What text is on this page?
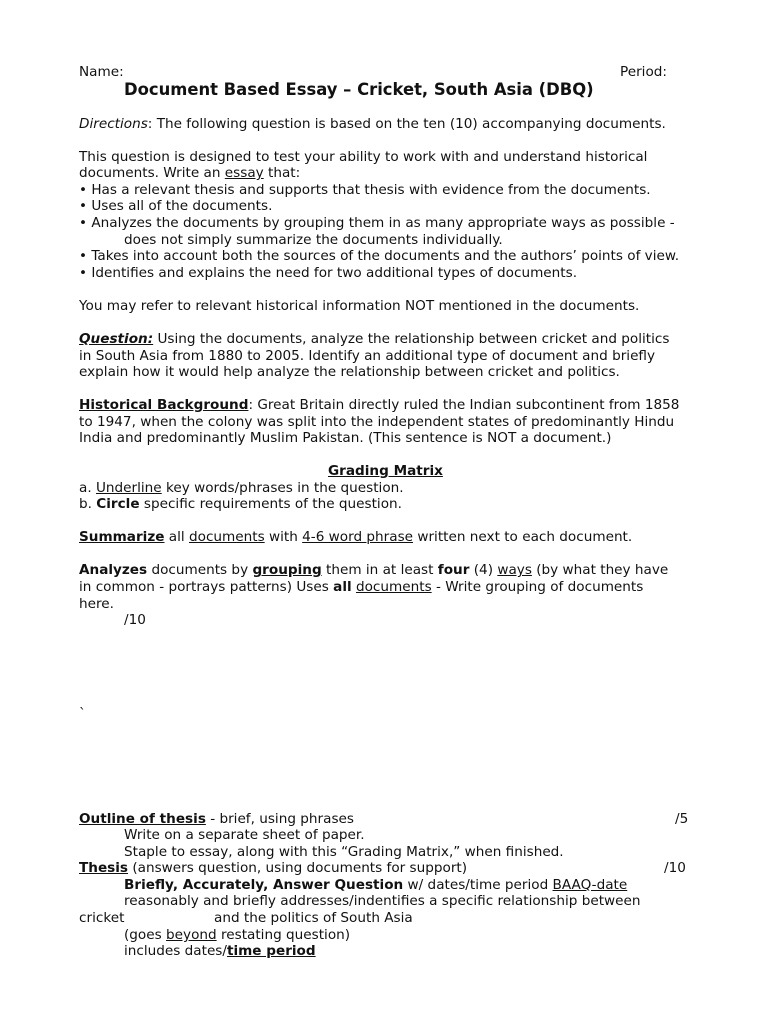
Name:	Period:
Document Based Essay – Cricket, South Asia (DBQ)
Directions: The following question is based on the ten (10) accompanying documents.
This question is designed to test your ability to work with and understand historical
documents. Write an essay that:
• Has a relevant thesis and supports that thesis with evidence from the documents.
• Uses all of the documents.
• Analyzes the documents by grouping them in as many appropriate ways as possible -
does not simply summarize the documents individually.
• Takes into account both the sources of the documents and the authors’ points of view.
• Identifies and explains the need for two additional types of documents.
You may refer to relevant historical information NOT mentioned in the documents.
Question: Using the documents, analyze the relationship between cricket and politics
in South Asia from 1880 to 2005. Identify an additional type of document and briefly
explain how it would help analyze the relationship between cricket and politics.
Historical Background: Great Britain directly ruled the Indian subcontinent from 1858
to 1947, when the colony was split into the independent states of predominantly Hindu
India and predominantly Muslim Pakistan. (This sentence is NOT a document.)
Grading Matrix
a. Underline key words/phrases in the question.
b. Circle specific requirements of the question.
Summarize all documents with 4-6 word phrase written next to each document.
Analyzes documents by grouping them in at least four (4) ways (by what they have
in common - portrays patterns) Uses all documents - Write grouping of documents
here.
/10
`
Outline of thesis - brief, using phrases	/5
Write on a separate sheet of paper.
Staple to essay, along with this “Grading Matrix,” when finished.
Thesis (answers question, using documents for support)	/10
Briefly, Accurately, Answer Question w/ dates/time period BAAQ-date
reasonably and briefly addresses/indentifies a specific relationship between
cricket	and the politics of South Asia
(goes beyond restating question)
includes dates/time period
